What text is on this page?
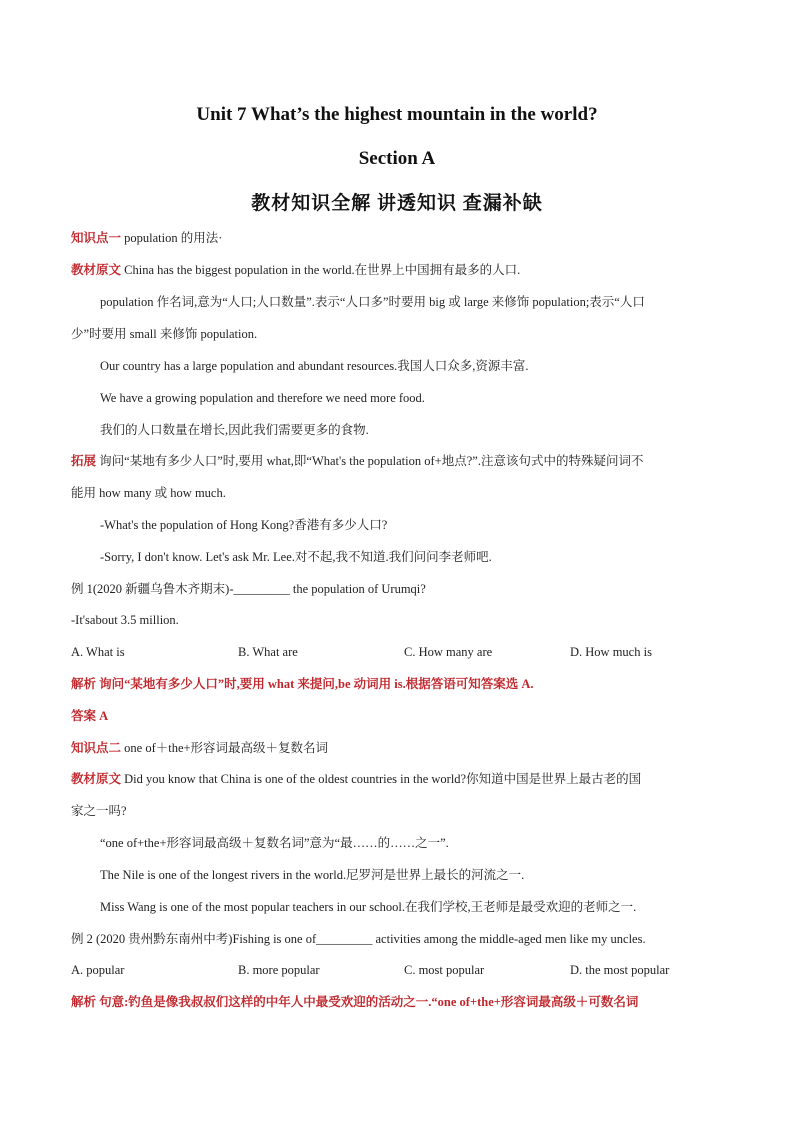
Unit 7 What’s the highest mountain in the world?
Section A
教材知识全解 讲透知识 查漏补缺
知识点一 population 的用法·
教材原文 China has the biggest population in the world.在世界上中国拥有最多的人口.
population 作名词,意为“人口;人口数量”.表示“人口多”时要用 big 或 large 来修饰 population;表示“人口
少”时要用 small 来修饰 population.
Our country has a large population and abundant resources.我国人口众多,资源丰富.
We have a growing population and therefore we need more food.
我们的人口数量在增长,因此我们需要更多的食物.
拓展 询问“某地有多少人口”时,要用 what,即“What's the population of+地点?”.注意该句式中的特殊疑问词不
能用 how many 或 how much.
-What's the population of Hong Kong?香港有多少人口?
-Sorry, I don't know. Let's ask Mr. Lee.对不起,我不知道.我们问问李老师吧.
例 1(2020 新疆乌鲁木齐期末)-_________ the population of Urumqi?
-It'sabout 3.5 million.
A. What is	B. What are	C. How many are	D. How much is
解析 询问“某地有多少人口”时,要用 what 来提问,be 动词用 is.根据答语可知答案选 A.
答案 A
知识点二 one of＋the+形容词最高级＋复数名词
教材原文 Did you know that China is one of the oldest countries in the world?你知道中国是世界上最古老的国
家之一吗?
“one of+the+形容词最高级＋复数名词”意为“最……的……之一”.
The Nile is one of the longest rivers in the world.尼罗河是世界上最长的河流之一.
Miss Wang is one of the most popular teachers in our school.在我们学校,王老师是最受欢迎的老师之一.
例 2 (2020 贵州黔东南州中考)Fishing is one of_________ activities among the middle-aged men like my uncles.
A. popular	B. more popular	C. most popular	D. the most popular
解析 句意:钓鱼是像我叔叔们这样的中年人中最受欢迎的活动之一.“one of+the+形容词最高级＋可数名词
